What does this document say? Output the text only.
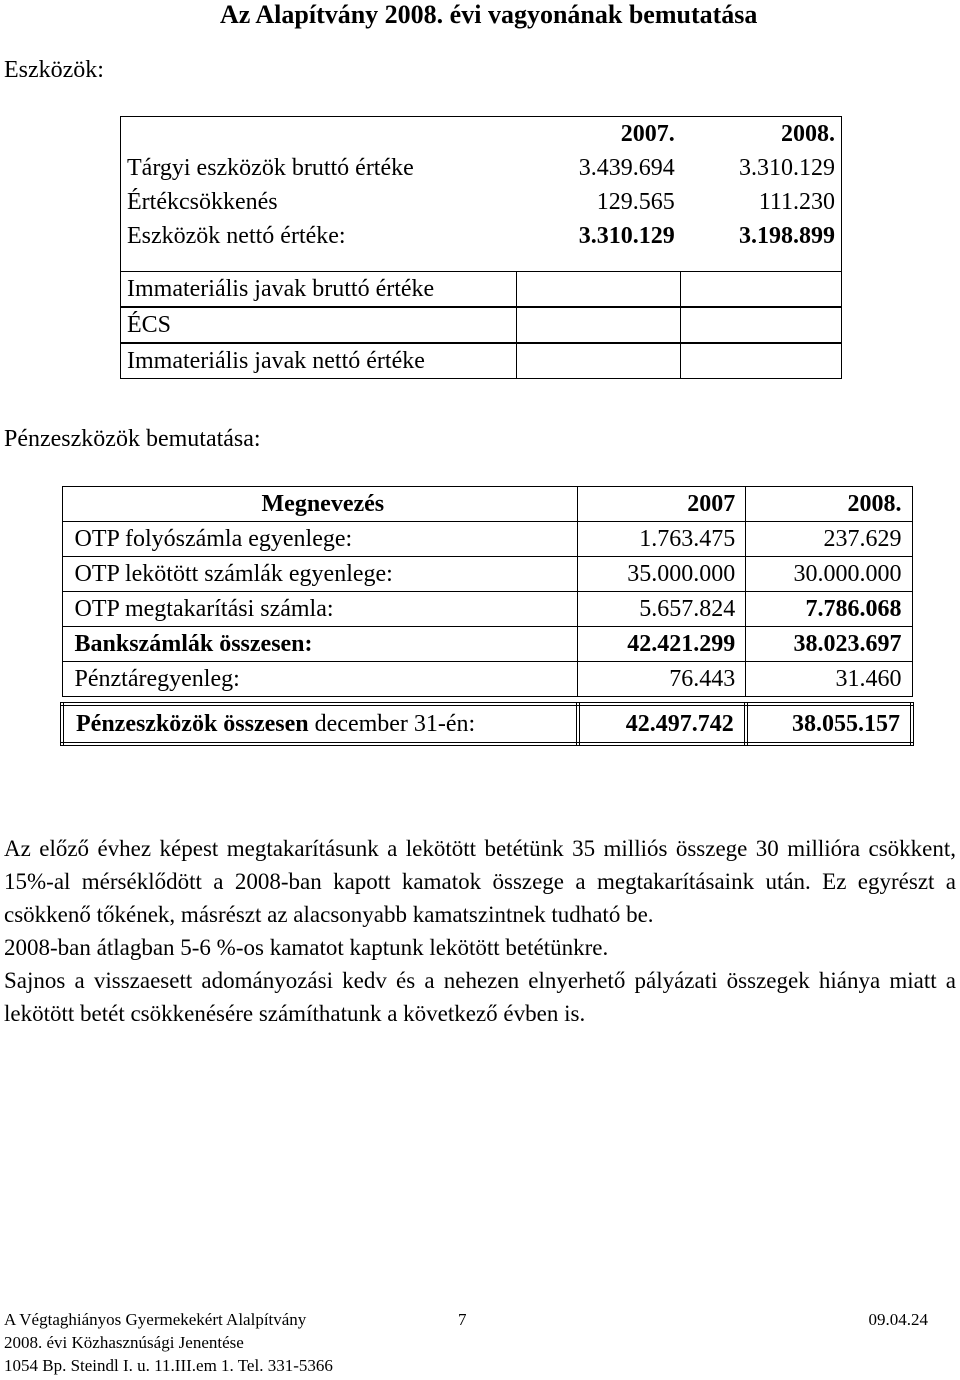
Az Alapítvány 2008. évi vagyonának bemutatása
Eszközök:
	2007.	2008.
Tárgyi eszközök bruttó értéke	3.439.694	3.310.129
Értékcsökkenés	129.565	111.230
Eszközök nettó értéke:	3.310.129	3.198.899

Immateriális javak bruttó értéke		
ÉCS		
Immateriális javak nettó értéke		
Pénzeszközök bemutatása:
Megnevezés	2007	2008.
OTP folyószámla egyenlege:	1.763.475	237.629
OTP lekötött számlák egyenlege:	35.000.000	30.000.000
OTP megtakarítási számla:	5.657.824	7.786.068
Bankszámlák összesen:	42.421.299	38.023.697
Pénztáregyenleg:	76.443	31.460

Pénzeszközök összesen december 31-én:	42.497.742	38.055.157

Az előző évhez képest megtakarításunk a lekötött betétünk 35 milliós összege 30 millióra csökkent, 15%-al mérséklődött a 2008-ban kapott kamatok összege a megtakarításaink után. Ez egyrészt a csökkenő tőkének, másrészt az alacsonyabb kamatszintnek tudható be.

2008-ban átlagban 5-6 %-os kamatot kaptunk lekötött betétünkre.

Sajnos a visszaesett adományozási kedv és a nehezen elnyerhető pályázati összegek hiánya miatt a lekötött betét csökkenésére számíthatunk a következő évben is.

A Végtaghiányos Gyermekekért Alalpítvány	7	09.04.24
2008. évi Közhasznúsági Jenentése
1054 Bp. Steindl I. u. 11.III.em 1. Tel. 331-5366
